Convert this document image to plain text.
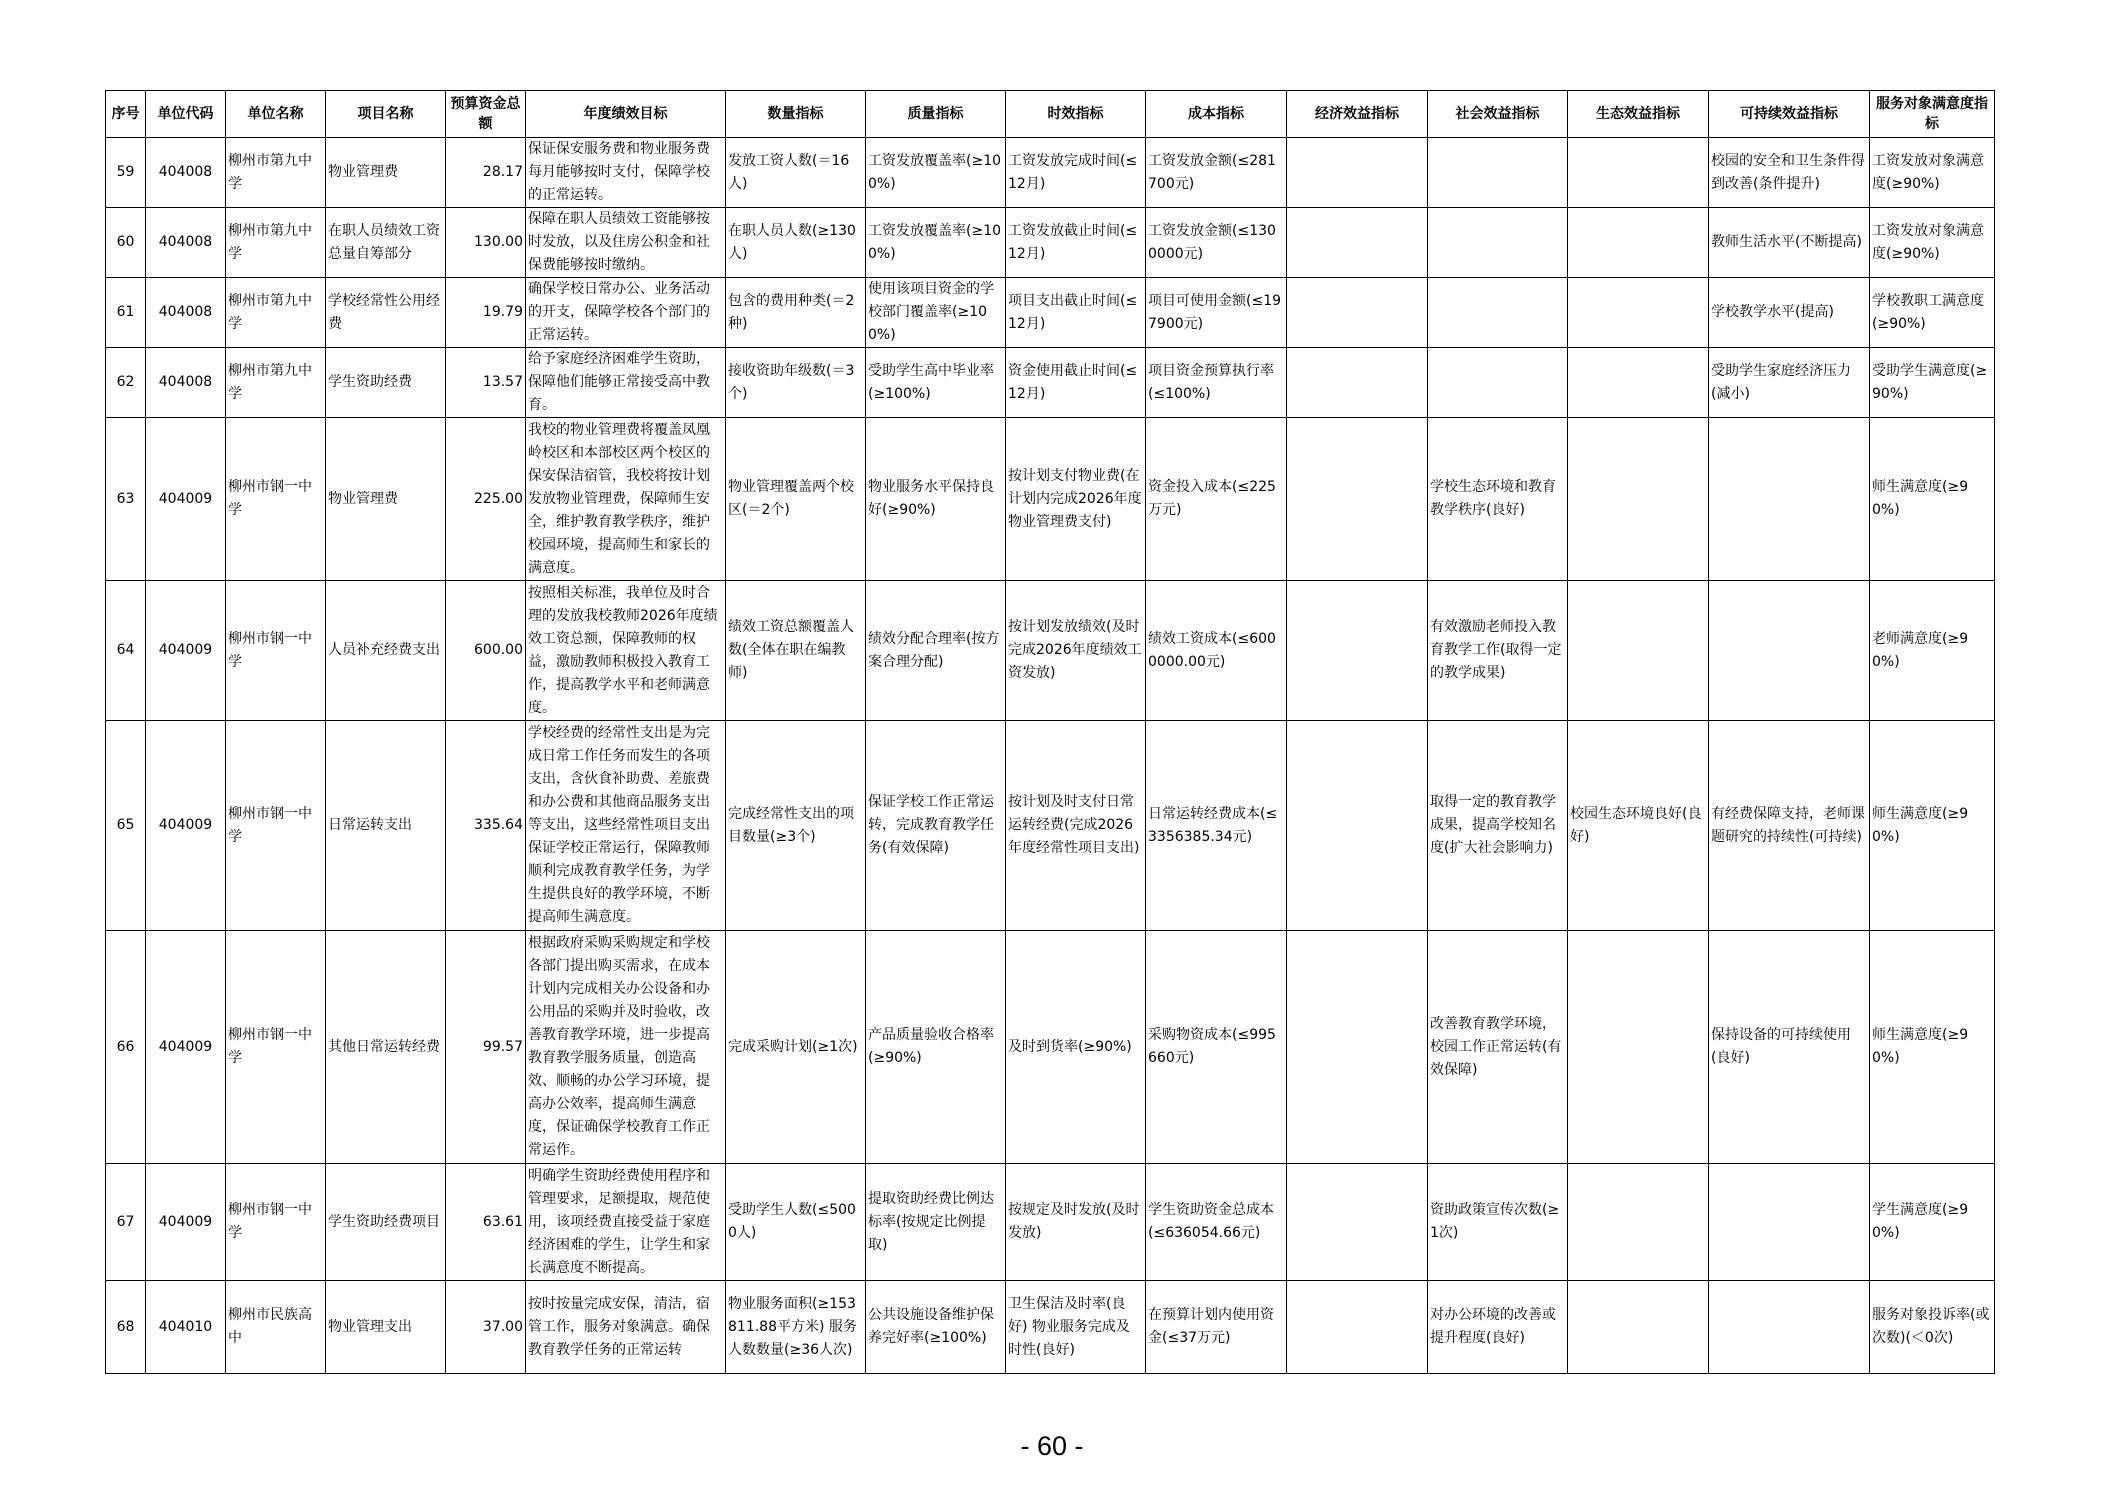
序号	单位代码	单位名称	项目名称	预算资金总额	年度绩效目标	数量指标	质量指标	时效指标	成本指标	经济效益指标	社会效益指标	生态效益指标	可持续效益指标	服务对象满意度指标
59	404008	柳州市第九中学	物业管理费	28.17	保证保安服务费和物业服务费每月能够按时支付，保障学校的正常运转。	发放工资人数(＝16人)	工资发放覆盖率(≥100%)	工资发放完成时间(≤12月)	工资发放金额(≤281700元)				校园的安全和卫生条件得到改善(条件提升)	工资发放对象满意度(≥90%)
60	404008	柳州市第九中学	在职人员绩效工资总量自筹部分	130.00	保障在职人员绩效工资能够按时发放，以及住房公积金和社保费能够按时缴纳。	在职人员人数(≥130人)	工资发放覆盖率(≥100%)	工资发放截止时间(≤12月)	工资发放金额(≤1300000元)				教师生活水平(不断提高)	工资发放对象满意度(≥90%)
61	404008	柳州市第九中学	学校经常性公用经费	19.79	确保学校日常办公、业务活动的开支，保障学校各个部门的正常运转。	包含的费用种类(＝2种)	使用该项目资金的学校部门覆盖率(≥100%)	项目支出截止时间(≤12月)	项目可使用金额(≤197900元)				学校教学水平(提高)	学校教职工满意度(≥90%)
62	404008	柳州市第九中学	学生资助经费	13.57	给予家庭经济困难学生资助，保障他们能够正常接受高中教育。	接收资助年级数(＝3个)	受助学生高中毕业率(≥100%)	资金使用截止时间(≤12月)	项目资金预算执行率(≤100%)				受助学生家庭经济压力(减小)	受助学生满意度(≥90%)
63	404009	柳州市钢一中学	物业管理费	225.00	我校的物业管理费将覆盖凤凰岭校区和本部校区两个校区的保安保洁宿管，我校将按计划发放物业管理费，保障师生安全，维护教育教学秩序，维护校园环境，提高师生和家长的满意度。	物业管理覆盖两个校区(＝2个)	物业服务水平保持良好(≥90%)	按计划支付物业费(在计划内完成2026年度物业管理费支付)	资金投入成本(≤225万元)		学校生态环境和教育教学秩序(良好)			师生满意度(≥90%)
64	404009	柳州市钢一中学	人员补充经费支出	600.00	按照相关标准，我单位及时合理的发放我校教师2026年度绩效工资总额，保障教师的权益，激励教师积极投入教育工作，提高教学水平和老师满意度。	绩效工资总额覆盖人数(全体在职在编教师)	绩效分配合理率(按方案合理分配)	按计划发放绩效(及时完成2026年度绩效工资发放)	绩效工资成本(≤6000000.00元)		有效激励老师投入教育教学工作(取得一定的教学成果)			老师满意度(≥90%)
65	404009	柳州市钢一中学	日常运转支出	335.64	学校经费的经常性支出是为完成日常工作任务而发生的各项支出，含伙食补助费、差旅费和办公费和其他商品服务支出等支出，这些经常性项目支出保证学校正常运行，保障教师顺利完成教育教学任务，为学生提供良好的教学环境，不断提高师生满意度。	完成经常性支出的项目数量(≥3个)	保证学校工作正常运转，完成教育教学任务(有效保障)	按计划及时支付日常运转经费(完成2026年度经常性项目支出)	日常运转经费成本(≤3356385.34元)		取得一定的教育教学成果，提高学校知名度(扩大社会影响力)	校园生态环境良好(良好)	有经费保障支持，老师课题研究的持续性(可持续)	师生满意度(≥90%)
66	404009	柳州市钢一中学	其他日常运转经费	99.57	根据政府采购采购规定和学校各部门提出购买需求，在成本计划内完成相关办公设备和办公用品的采购并及时验收，改善教育教学环境，进一步提高教育教学服务质量，创造高效、顺畅的办公学习环境，提高办公效率，提高师生满意度，保证确保学校教育工作正常运作。	完成采购计划(≥1次)	产品质量验收合格率(≥90%)	及时到货率(≥90%)	采购物资成本(≤995660元)		改善教育教学环境，校园工作正常运转(有效保障)		保持设备的可持续使用(良好)	师生满意度(≥90%)
67	404009	柳州市钢一中学	学生资助经费项目	63.61	明确学生资助经费使用程序和管理要求，足额提取，规范使用，该项经费直接受益于家庭经济困难的学生，让学生和家长满意度不断提高。	受助学生人数(≤5000人)	提取资助经费比例达标率(按规定比例提取)	按规定及时发放(及时发放)	学生资助资金总成本(≤636054.66元)		资助政策宣传次数(≥1次)			学生满意度(≥90%)
68	404010	柳州市民族高中	物业管理支出	37.00	按时按量完成安保，清洁，宿管工作，服务对象满意。确保教育教学任务的正常运转	物业服务面积(≥153811.88平方米) 服务人数数量(≥36人次)	公共设施设备维护保养完好率(≥100%)	卫生保洁及时率(良好) 物业服务完成及时性(良好)	在预算计划内使用资金(≤37万元)		对办公环境的改善或提升程度(良好)			服务对象投诉率(或次数)(＜0次)
- 60 -
